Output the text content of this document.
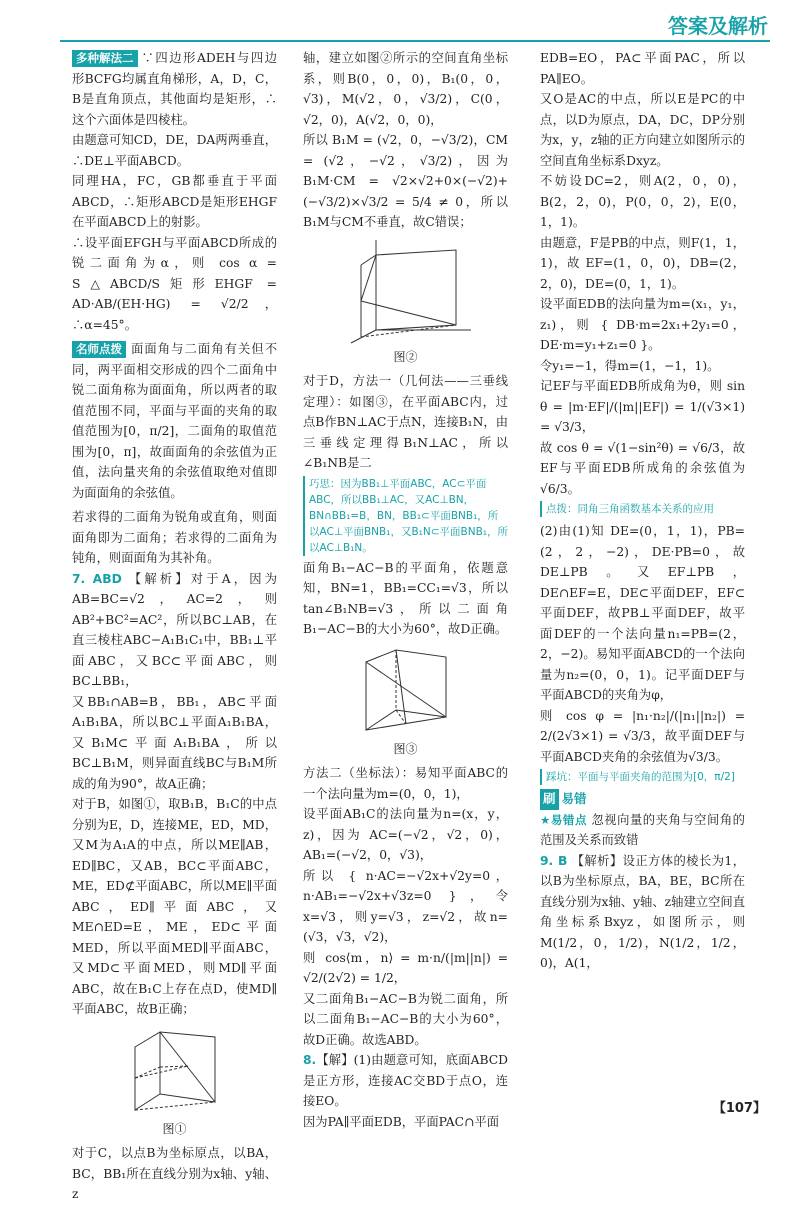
答案及解析

多种解法二 ∵四边形ADEH与四边形BCFG均属直角梯形，A，D，C，B是直角顶点，其他面均是矩形，∴这个六面体是四棱柱。

由题意可知CD，DE，DA两两垂直，∴DE⊥平面ABCD。

同理HA，FC，GB都垂直于平面ABCD，∴矩形ABCD是矩形EHGF在平面ABCD上的射影。

∴设平面EFGH与平面ABCD所成的锐二面角为α，则 cos α = S△ABCD/S矩形EHGF = AD·AB/(EH·HG) = √2/2，∴α=45°。

名师点拨 面面角与二面角有关但不同，两平面相交形成的四个二面角中锐二面角称为面面角，所以两者的取值范围不同，平面与平面的夹角的取值范围为[0，π/2]，二面角的取值范围为[0，π]，故面面角的余弦值为正值，法向量夹角的余弦值取绝对值即为面面角的余弦值。

若求得的二面角为锐角或直角，则面面角即为二面角；若求得的二面角为钝角，则面面角为其补角。

7. ABD 【解析】对于A，因为AB=BC=√2，AC=2，则AB²+BC²=AC²，所以BC⊥AB，在直三棱柱ABC−A₁B₁C₁中，BB₁⊥平面ABC，又BC⊂平面ABC，则BC⊥BB₁，

又BB₁∩AB=B，BB₁，AB⊂平面A₁B₁BA，所以BC⊥平面A₁B₁BA，又B₁M⊂平面A₁B₁BA，所以BC⊥B₁M，则异面直线BC与B₁M所成的角为90°，故A正确；

对于B，如图①，取B₁B，B₁C的中点分别为E，D，连接ME，ED，MD，又M为A₁A的中点，所以ME∥AB，ED∥BC，又AB，BC⊂平面ABC，ME，ED⊄平面ABC，所以ME∥平面ABC，ED∥平面ABC，又ME∩ED=E，ME，ED⊂平面MED，所以平面MED∥平面ABC，又MD⊂平面MED，则MD∥平面ABC，故在B₁C上存在点D，使MD∥平面ABC，故B正确；

图①

对于C，以点B为坐标原点，以BA，BC，BB₁所在直线分别为x轴、y轴、z

轴，建立如图②所示的空间直角坐标系，则B(0，0，0)，B₁(0，0，√3)，M(√2，0，√3/2)，C(0，√2，0)，A(√2，0，0)，

所以 B₁M = (√2，0，−√3/2)，CM = (√2，−√2，√3/2)，因为 B₁M·CM = √2×√2+0×(−√2)+(−√3/2)×√3/2 = 5/4 ≠ 0，所以B₁M与CM不垂直，故C错误；

图②

对于D，方法一（几何法——三垂线定理）：如图③，在平面ABC内，过点B作BN⊥AC于点N，连接B₁N，由三垂线定理得B₁N⊥AC，所以∠B₁NB是二

巧思：因为BB₁⊥平面ABC，AC⊂平面ABC，所以BB₁⊥AC，又AC⊥BN，BN∩BB₁=B，BN，BB₁⊂平面BNB₁，所以AC⊥平面BNB₁，又B₁N⊂平面BNB₁，所以AC⊥B₁N。

面角B₁−AC−B的平面角，依题意知，BN=1，BB₁=CC₁=√3，所以 tan∠B₁NB=√3，所以二面角B₁−AC−B的大小为60°，故D正确。

图③

方法二（坐标法）：易知平面ABC的一个法向量为m=(0，0，1)，

设平面AB₁C的法向量为n=(x，y，z)，因为 AC=(−√2，√2，0)，AB₁=(−√2，0，√3)，

所以 { n·AC=−√2x+√2y=0，n·AB₁=−√2x+√3z=0 }，令x=√3，则y=√3，z=√2，故n=(√3，√3，√2)，

则 cos⟨m，n⟩ = m·n/(|m||n|) = √2/(2√2) = 1/2，

又二面角B₁−AC−B为锐二面角，所以二面角B₁−AC−B的大小为60°，故D正确。故选ABD。

8.【解】(1)由题意可知，底面ABCD是正方形，连接AC交BD于点O，连接EO。

因为PA∥平面EDB，平面PAC∩平面

EDB=EO，PA⊂平面PAC，所以PA∥EO。

又O是AC的中点，所以E是PC的中点，以D为原点，DA，DC，DP分别为x，y，z轴的正方向建立如图所示的空间直角坐标系Dxyz。

不妨设DC=2，则A(2，0，0)，B(2，2，0)，P(0，0，2)，E(0，1，1)。

由题意，F是PB的中点，则F(1，1，1)，故 EF=(1，0，0)，DB=(2，2，0)，DE=(0，1，1)。

设平面EDB的法向量为m=(x₁，y₁，z₁)，则 { DB·m=2x₁+2y₁=0，DE·m=y₁+z₁=0 }。

令y₁=−1，得m=(1，−1，1)。

记EF与平面EDB所成角为θ，则 sin θ = |m·EF|/(|m||EF|) = 1/(√3×1) = √3/3，

故 cos θ = √(1−sin²θ) = √6/3，故EF与平面EDB所成角的余弦值为√6/3。

点拨：同角三角函数基本关系的应用

(2)由(1)知 DE=(0，1，1)，PB=(2，2，−2)，DE·PB=0，故DE⊥PB。又EF⊥PB，DE∩EF=E，DE⊂平面DEF，EF⊂平面DEF，故PB⊥平面DEF，故平面DEF的一个法向量n₁=PB=(2，2，−2)。易知平面ABCD的一个法向量为n₂=(0，0，1)。记平面DEF与平面ABCD的夹角为φ，

则 cos φ = |n₁·n₂|/(|n₁||n₂|) = 2/(2√3×1) = √3/3，故平面DEF与平面ABCD夹角的余弦值为√3/3。

踩坑：平面与平面夹角的范围为[0，π/2]
刷 易错

★易错点 忽视向量的夹角与空间角的范围及关系而致错

9. B 【解析】设正方体的棱长为1，以B为坐标原点，BA，BE，BC所在直线分别为x轴、y轴、z轴建立空间直角坐标系Bxyz，如图所示，则 M(1/2，0，1/2)，N(1/2，1/2，0)，A(1，

【107】
